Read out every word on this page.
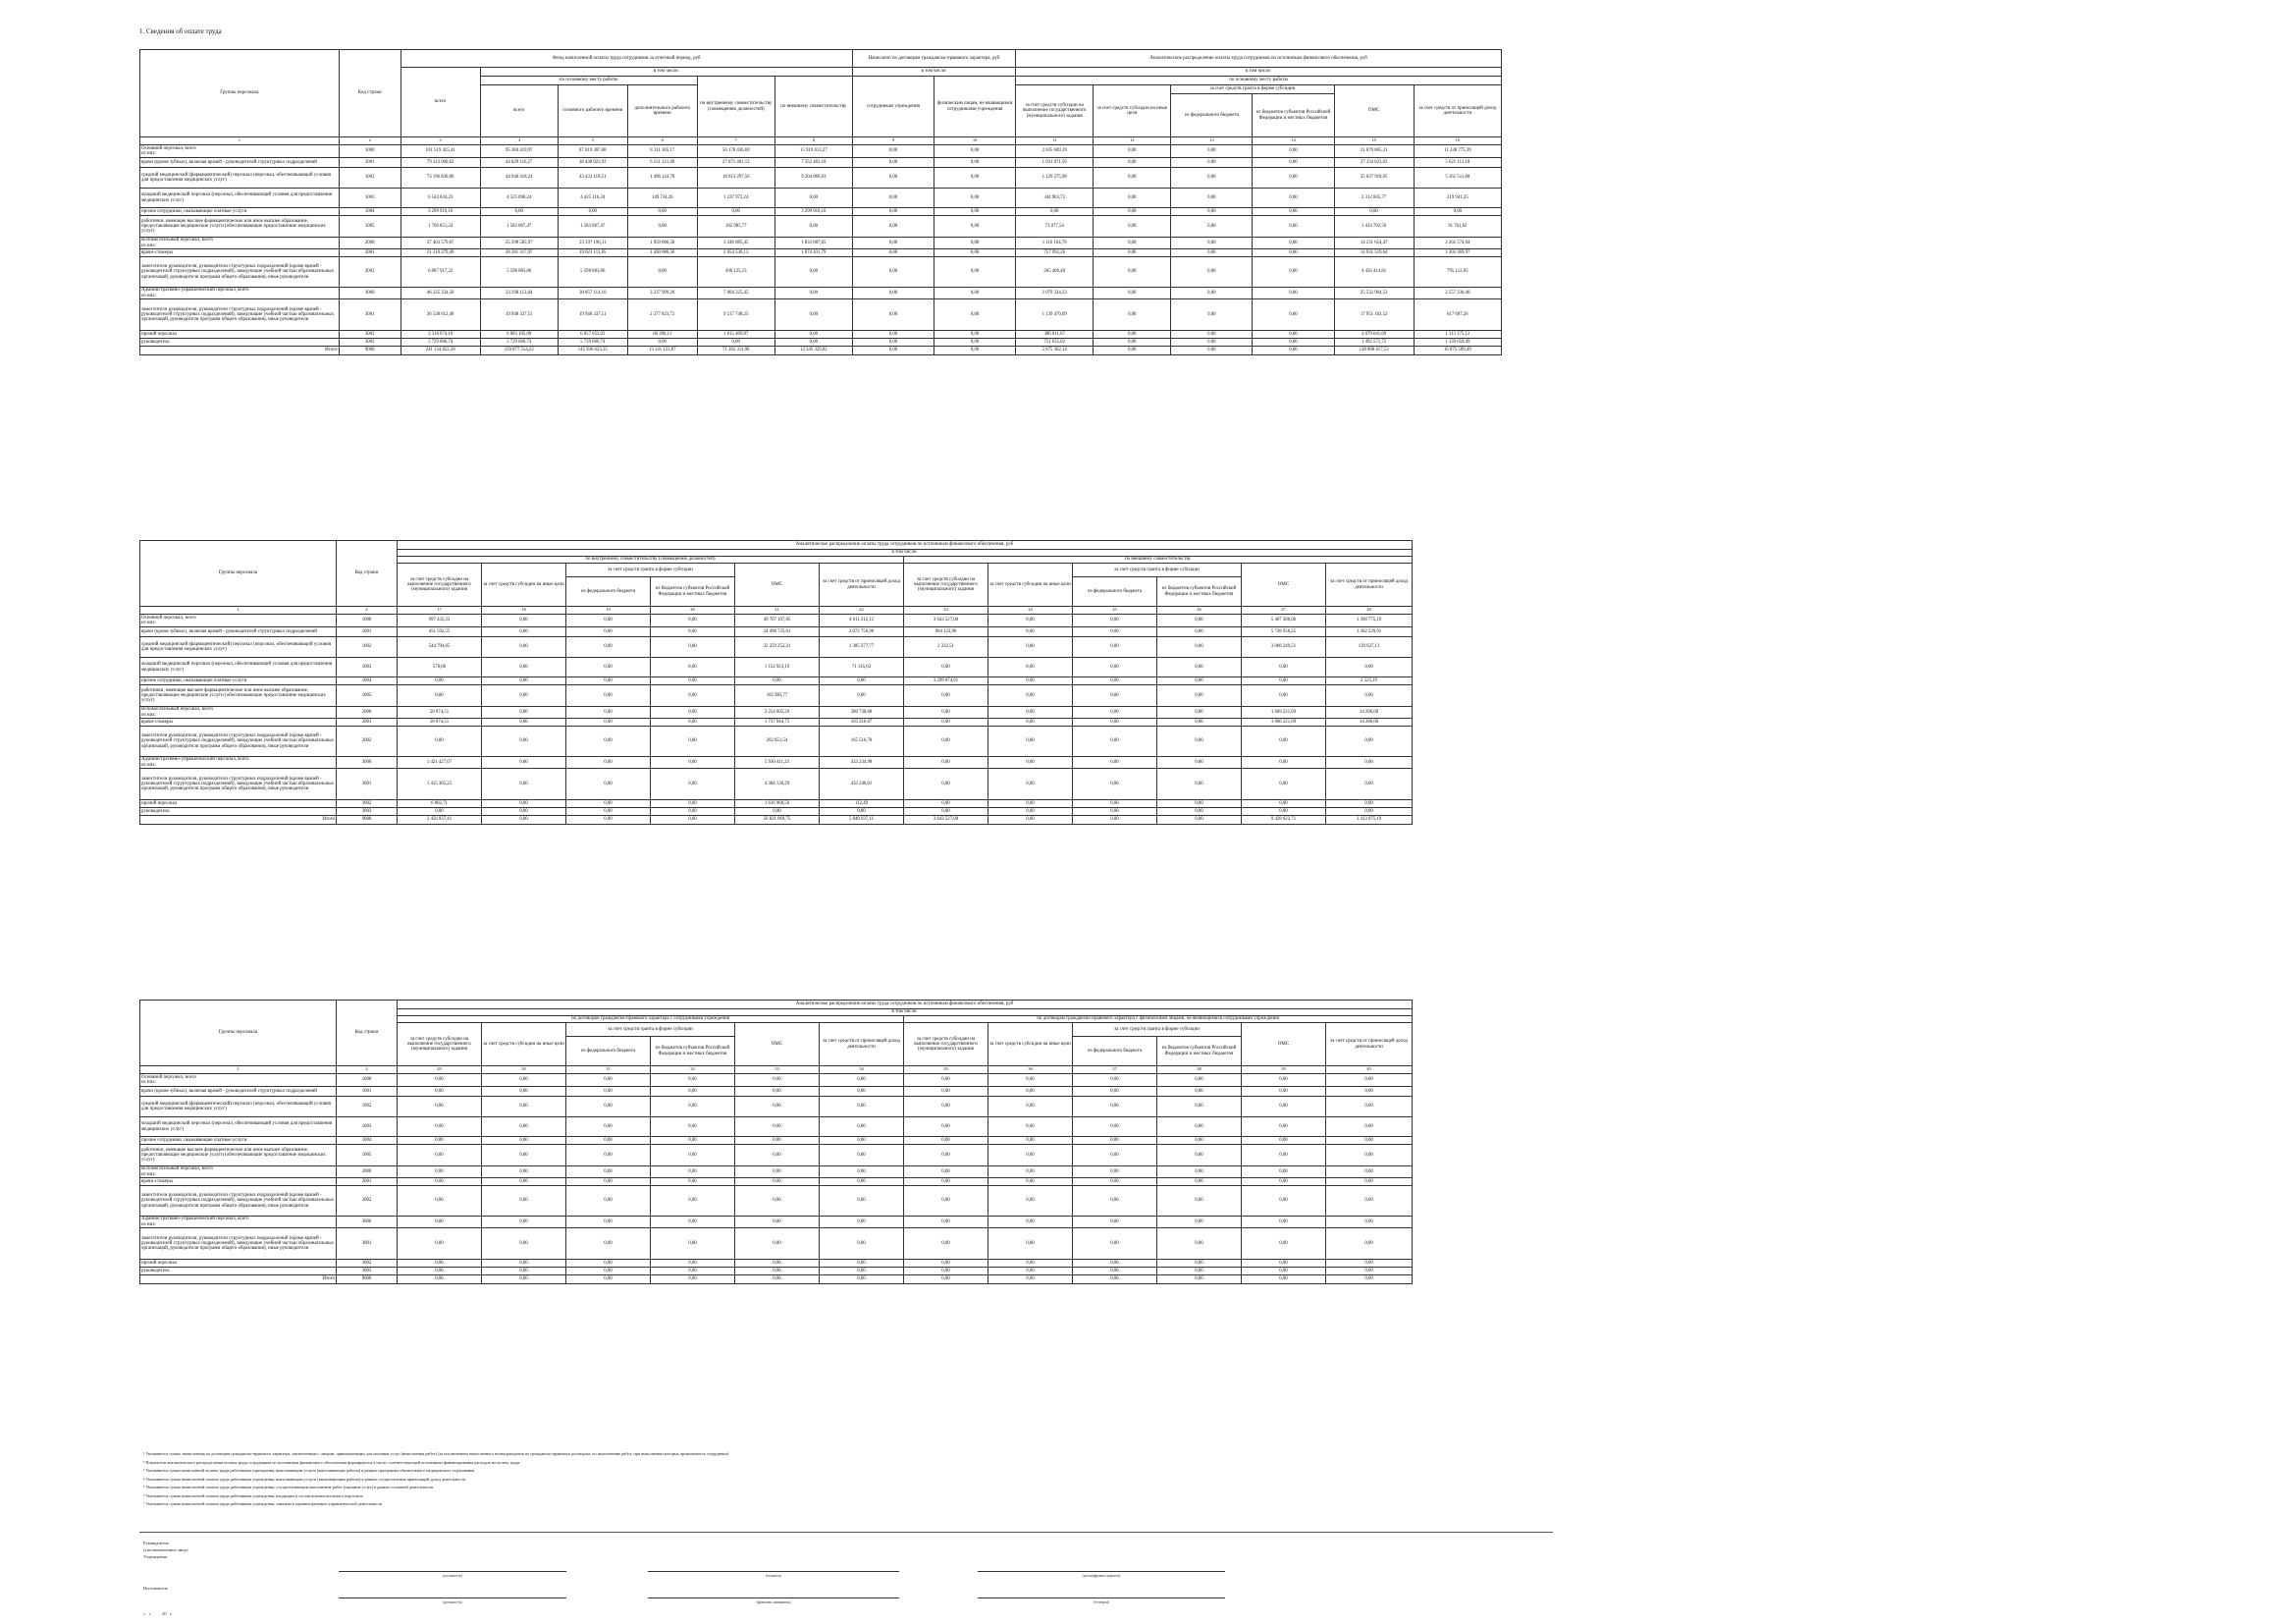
1. Сведения об оплате труда
Группы персонала	Код строки	Фонд начисленной оплаты труда сотрудников за отчетный период, руб						Начислено по договорам гражданско-правового характера, руб		Аналитическое распределение оплаты труда сотрудников по источникам финансового обеспечения, руб					
		всего	в том числе:					в том числе:		в том числе:					
			по основному месту работы			по внутреннему совместительству (совмещению должностей)	по внешнему совместительству	сотрудникам учреждения	физическим лицам, не являющимся сотрудниками учреждения	по основному месту работы					
			всего	основного рабочего времени	дополнительного рабочего времени					за счет средств субсидии на выполнение государственного (муниципального) задания	за счет средств субсидии на иные цели	за счет средств гранта в форме субсидии		ОМС	за счет средств от приносящей доход деятельности
												из федерального бюджета	из бюджетов субъектов Российской Федерации и местных бюджетов		
1	2	3	4	5	6	7	8	9	10	11	12	13	14	15	16
Основной персонал, всего
из них:	1000	161 519 425,41	95 384 419,97	87 019 307,68	8 311 105,17	50 178 436,69	15 919 013,27	0,00	0,00	2 835 049,19	0,00	0,00	0,00	21 079 865,31	11 238 775,39
врачи (кроме зубных), включая врачей - руководителей структурных подразделений	1001	79 123 000,63	44 829 116,27	38 438 923,92	6 151 121,09	27 071 401,13	7 352 463,18	0,00	0,00	1 931 971,56	0,00	0,00	0,00	27 334 823,63	5 621 111,18
средний медицинский (фармацевтический) персонал (персонал, обеспечивающий условия для предоставления медицинских услуг)	1002	73 196 830,80	44 940 418,24	43 433 118,51	1 496 124,78	18 613 297,56	9 204 069,03	0,00	0,00	1 129 275,98	0,00	0,00	0,00	35 637 918,95	5 161 511,68
младший медицинский персонал (персонал, обеспечивающий условия для предоставления медицинских услуг)	1003	6 543 034,23	4 525 090,24	4 425 116,24	149 734,26	1 237 972,24	0,00	0,00	0,00	344 903,72	0,00	0,00	0,00	2 312 845,77	219 941,25
прочие сотрудники, оказывающие платные услуги	1004	3 299 910,16	0,00	0,00	0,00	0,00	3 299 910,16	0,00	0,00	0,00	0,00	0,00	0,00	0,00	0,00
работники, имеющие высшее фармацевтическое или иное высшее образование, предоставляющие медицинские услуги (обеспечивающие предоставление медицинских услуг)	1005	1 766 851,24	1 583 867,47	1 583 867,47	0,00	182 983,77	0,00	0,00	0,00	73 077,54	0,00	0,00	0,00	1 414 702,50	91 761,82
Вспомогательный персонал, всего
из них:	2000	27 403 579,67	25 398 585,97	23 597 196,11	1 959 066,58	3 246 085,45	1 833 687,65	0,00	0,00	1 116 164,76	0,00	0,00	0,00	14 231 654,47	2 202 574,94
врачи-стажеры	2001	21 310 279,49	20 281 317,97	19 023 111,85	1 430 086,58	2 054 536,13	1 074 431,79	0,00	0,00	757 992,26	0,00	0,00	0,00	14 931 519,64	1 303 369,97
заместители руководителя, руководители структурных подразделений (кроме врачей - руководителей структурных подразделений), заведующие учебной частью образовательных организаций, руководители программ общего образования), иные руководители	2002	6 087 917,22	5 598 883,06	5 598 883,06	0,00	490 125,13	0,00	0,00	0,00	265 406,48	0,00	0,00	0,00	4 456 414,81	795 112,83
Административно-управленческий персонал, всего
из них:	3000	46 335 334,56	33 298 113,04	30 057 114,10	3 237 999,26	7 084 325,45	0,00	0,00	0,00	2 079 334,33	0,00	0,00	0,00	25 532 904,53	2 557 230,46
заместители руководителя, руководители структурных подразделений (кроме врачей - руководителей структурных подразделений), заведующие учебной частью образовательных организаций, руководители программ общего образования), иные руководители	3001	36 538 612,48	19 948 337,51	19 948 337,51	2 377 823,72	9 217 748,25	0,00	0,00	0,00	1 139 470,09	0,00	0,00	0,00	17 951 162,52	617 687,26
прочий персонал	3002	2 318 674,18	6 083 105,09	6 057 053,92	60 396,11	1 615 409,87	0,00	0,00	0,00	380 811,67	0,00	0,00	0,00	4 079 641,69	1 113 175,12
руководитель	3003	5 729 666,74	5 729 666,74	5 729 666,74	0,00	0,00	0,00	0,00	0,00	751 635,02	0,00	0,00	0,00	1 492 571,72	1 339 659,49
Итого	9000	241 134 822,28	159 877 554,22	145 936 623,35	13 141 123,07	71 362 311,90	12 345 329,02	0,00	0,00	5 875 362,14	0,00	0,00	0,00	128 888 417,53	16 875 589,49
Группы персонала	Код строки	Аналитическое распределение оплаты труда сотрудников по источникам финансового обеспечения, руб											
		в том числе:											
		по внутреннему совместительству (совмещению должностей)						по внешнему совместительству					
		за счет средств субсидии на выполнение государственного (муниципального) задания	за счет средств субсидии на иные цели	за счет средств гранта в форме субсидии		ОМС	за счет средств от приносящей доход деятельности	за счет средств субсидии на выполнение государственного (муниципального) задания	за счет средств субсидии на иные цели	за счет средств гранта в форме субсидии		ОМС	за счет средств от приносящей доход деятельности
				из федерального бюджета	из бюджетов субъектов Российской Федерации и местных бюджетов					из федерального бюджета	из бюджетов субъектов Российской Федерации и местных бюджетов		
1	2	17	18	19	20	21	22	23	24	25	26	27	28
Основной персонал, всего
из них:	1000	997 435,23	0,00	0,00	0,00	49 707 107,85	4 611 212,12	3 643 527,00	0,00	0,00	0,00	5 467 306,06	1 398 775,19
врачи (кроме зубных), включая врачей - руководителей структурных подразделений	1001	451 592,55	0,00	0,00	0,00	24 498 725,61	2 072 756,96	964 123,96	0,00	0,00	0,00	5 728 956,25	1 362 229,91
средний медицинский (фармацевтический) персонал (персонал, обеспечивающий условия для предоставления медицинских услуг)	1002	544 794,65	0,00	0,00	0,00	22 259 252,21	1 385 377,77	2 332,51	0,00	0,00	0,00	3 068 249,51	139 627,13
младший медицинский персонал (персонал, обеспечивающий условия для предоставления медицинских услуг)	1003	576,68	0,00	0,00	0,00	1 154 923,19	71 145,63	0,00	0,00	0,00	0,00	0,00	0,00
прочие сотрудники, оказывающие платные услуги	1004	0,00	0,00	0,00	0,00	0,00	0,00	3 299 074,91	0,00	0,00	0,00	0,00	2 525,19
работники, имеющие высшее фармацевтическое или иное высшее образование, предоставляющие медицинские услуги (обеспечивающие предоставление медицинских услуг)	1005	0,00	0,00	0,00	0,00	182 983,77	0,00	0,00	0,00	0,00	0,00	0,00	0,00
Вспомогательный персонал, всего
из них:	2000	50 074,51	0,00	0,00	0,00	2 254 605,29	380 738,68	0,00	0,00	0,00	0,00	1 669 221,69	14 286,00
врачи-стажеры	2001	50 074,51	0,00	0,00	0,00	1 737 944,75	165 216,87	0,00	0,00	0,00	0,00	1 060 221,69	14 286,00
заместители руководителя, руководители структурных подразделений (кроме врачей - руководителей структурных подразделений), заведующие учебной частью образовательных организаций, руководители программ общего образования), иные руководители	2002	0,00	0,00	0,00	0,00	282 851,54	165 516,70	0,00	0,00	0,00	0,00	0,00	0,00
Административно-управленческий персонал, всего
из них:	3000	1 421 427,07	0,00	0,00	0,00	5 930 411,23	433 234,98	0,00	0,00	0,00	0,00	0,00	0,00
заместители руководителя, руководители структурных подразделений (кроме врачей - руководителей структурных подразделений), заведующие учебной частью образовательных организаций, руководители программ общего образования), иные руководители	3001	1 415 365,25	0,00	0,00	0,00	4 304 136,29	433 240,01	0,00	0,00	0,00	0,00	0,00	0,00
прочий персонал	3002	6 002,71	0,00	0,00	0,00	1 616 968,56	112,49	0,00	0,00	0,00	0,00	0,00	0,00
руководитель	3003	0,00	0,00	0,00	0,00	0,00	0,00	0,00	0,00	0,00	0,00	0,00	0,00
Итого	9000	2 456 937,41	0,00	0,00	0,00	56 821 069,75	5 040 937,11	3 643 527,00	0,00	0,00	0,00	9 428 623,71	1 413 075,19
Группы персонала	Код строки	Аналитическое распределение оплаты труда сотрудников по источникам финансового обеспечения, руб											
		в том числе:											
		по договорам гражданско-правового характера с сотрудниками учреждения						по договорам гражданско-правового характера с физическими лицами, не являющимися сотрудниками учреждения					
		за счет средств субсидии на выполнение государственного (муниципального) задания	за счет средств субсидии на иные цели	за счет средств гранта в форме субсидии		ОМС	за счет средств от приносящей доход деятельности	за счет средств субсидии на выполнение государственного (муниципального) задания	за счет средств субсидии на иные цели	за счет средств гранта в форме субсидии		ОМС	за счет средств от приносящей доход деятельности
				из федерального бюджета	из бюджетов субъектов Российской Федерации и местных бюджетов					из федерального бюджета	из бюджетов субъектов Российской Федерации и местных бюджетов		
1	2	29	30	31	32	33	34	35	36	37	38	39	40
Основной персонал, всего
из них:	1000	0,00	0,00	0,00	0,00	0,00	0,00	0,00	0,00	0,00	0,00	0,00	0,00
врачи (кроме зубных), включая врачей - руководителей структурных подразделений	1001	0,00	0,00	0,00	0,00	0,00	0,00	0,00	0,00	0,00	0,00	0,00	0,00
средний медицинский (фармацевтический) персонал (персонал, обеспечивающий условия для предоставления медицинских услуг)	1002	0,00	0,00	0,00	0,00	0,00	0,00	0,00	0,00	0,00	0,00	0,00	0,00
младший медицинский персонал (персонал, обеспечивающий условия для предоставления медицинских услуг)	1003	0,00	0,00	0,00	0,00	0,00	0,00	0,00	0,00	0,00	0,00	0,00	0,00
прочие сотрудники, оказывающие платные услуги	1004	0,00	0,00	0,00	0,00	0,00	0,00	0,00	0,00	0,00	0,00	0,00	0,00
работники, имеющие высшее фармацевтическое или иное высшее образование, предоставляющие медицинские услуги (обеспечивающие предоставление медицинских услуг)	1005	0,00	0,00	0,00	0,00	0,00	0,00	0,00	0,00	0,00	0,00	0,00	0,00
Вспомогательный персонал, всего
из них:	2000	0,00	0,00	0,00	0,00	0,00	0,00	0,00	0,00	0,00	0,00	0,00	0,00
врачи-стажеры	2001	0,00	0,00	0,00	0,00	0,00	0,00	0,00	0,00	0,00	0,00	0,00	0,00
заместители руководителя, руководители структурных подразделений (кроме врачей - руководителей структурных подразделений), заведующие учебной частью образовательных организаций, руководители программ общего образования), иные руководители	2002	0,00	0,00	0,00	0,00	0,00	0,00	0,00	0,00	0,00	0,00	0,00	0,00
Административно-управленческий персонал, всего
из них:	3000	0,00	0,00	0,00	0,00	0,00	0,00	0,00	0,00	0,00	0,00	0,00	0,00
заместители руководителя, руководители структурных подразделений (кроме врачей - руководителей структурных подразделений), заведующие учебной частью образовательных организаций, руководители программ общего образования), иные руководители	3001	0,00	0,00	0,00	0,00	0,00	0,00	0,00	0,00	0,00	0,00	0,00	0,00
прочий персонал	3002	0,00	0,00	0,00	0,00	0,00	0,00	0,00	0,00	0,00	0,00	0,00	0,00
руководитель	3003	0,00	0,00	0,00	0,00	0,00	0,00	0,00	0,00	0,00	0,00	0,00	0,00
Итого	9000	0,00	0,00	0,00	0,00	0,00	0,00	0,00	0,00	0,00	0,00	0,00	0,00
¹ Указывается сумма, начисленная по договорам гражданско-правового характера, заключенным с лицами, привлекаемыми для оказания услуг (выполнения работ) (за исключением начисленного вознаграждения по гражданско-правовым договорам, по выполнению работ, при выполнении которых привлекаются сотрудники)
² Показатели аналитического распределения оплаты труда сотрудников по источникам финансового обеспечения формируются в части, соответствующей источникам финансирования расходов на оплату труда
³ Указывается сумма начисленной оплаты труда работникам учреждения, выполняющим услуги (выполняющим работы) в рамках программы обязательного медицинского страхования
⁴ Указывается сумма начисленной оплаты труда работникам учреждения, выполняющим услуги (выполняющим работы) в рамках осуществления приносящей доход деятельности
⁵ Указывается сумма начисленной оплаты труда работникам учреждения, осуществляющим выполнение работ (оказание услуг) в рамках основной деятельности
⁶ Указывается сумма начисленной оплаты труда работникам учреждения, входящим в состав вспомогательного персонала
⁷ Указывается сумма начисленной оплаты труда работникам учреждения, занятым в административно-управленческой деятельности
Руководитель
(уполномоченное лицо)
Учреждения
(должность)	(подпись)	(расшифровка подписи)
Исполнитель
(должность)	(фамилия, инициалы)	(телефон)
«   »          20   г.
